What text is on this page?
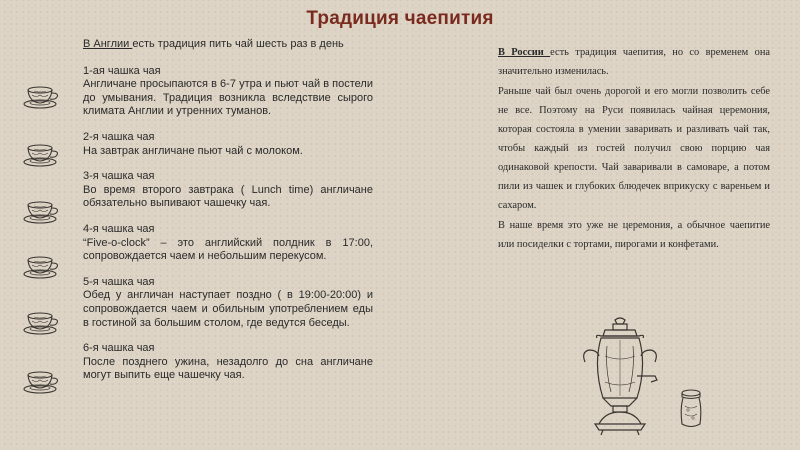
Традиция чаепития

В Англии есть традиция пить чай шесть раз в день

1-ая чашка чая

Англичане просыпаются в 6-7 утра и пьют чай в постели до умывания. Традиция возникла вследствие сырого климата Англии и утренних туманов.

2-я чашка чая

На завтрак англичане пьют чай с молоком.

3-я чашка чая

Во время второго завтрака ( Lunch time) англичане обязательно выпивают чашечку чая.

4-я чашка чая

“Five-o-clock” – это английский полдник в 17:00, сопровождается чаем и небольшим перекусом.

5-я чашка чая

Обед у англичан наступает поздно ( в 19:00-20:00) и сопровождается чаем и обильным употреблением еды в гостиной за большим столом, где ведутся беседы.

6-я чашка чая

После позднего ужина, незадолго до сна англичане могут выпить еще чашечку чая.

В России есть традиция чаепития, но со временем она значительно изменилась.

Раньше чай был очень дорогой и его могли позволить себе не все. Поэтому на Руси появилась чайная церемония, которая состояла в умении заваривать и разливать чай так, чтобы каждый из гостей получил свою порцию чая одинаковой крепости. Чай заваривали в самоваре, а потом пили из чашек и глубоких блюдечек вприкуску с вареньем и сахаром.

В наше время это уже не церемония, а обычное чаепитие или посиделки с тортами, пирогами и конфетами.
